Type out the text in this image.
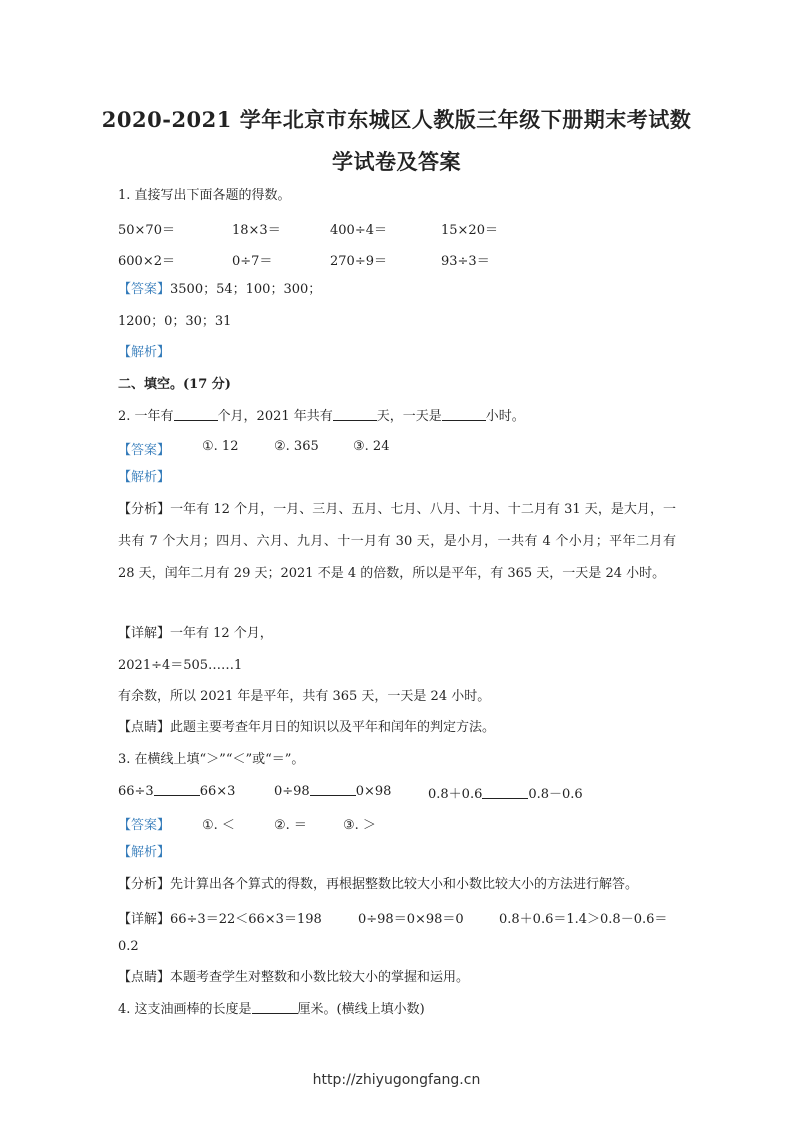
2020-2021 学年北京市东城区人教版三年级下册期末考试数
学试卷及答案
1. 直接写出下面各题的得数。
50×70＝	18×3＝	400÷4＝	15×20＝
600×2＝	0÷7＝	270÷9＝	93÷3＝
【答案】3500；54；100；300；
1200；0；30；31
【解析】
二、填空。(17 分)
2. 一年有	个月，2021 年共有	天，一天是	小时。
【答案】 ①. 12	②. 365	③. 24
【解析】
【分析】一年有 12 个月，一月、三月、五月、七月、八月、十月、十二月有 31 天，是大月，一共有 7 个大月；四月、六月、九月、十一月有 30 天，是小月，一共有 4 个小月；平年二月有 28 天，闰年二月有 29 天；2021 不是 4 的倍数，所以是平年，有 365 天，一天是 24 小时。
【详解】一年有 12 个月，
2021÷4＝505……1
有余数，所以 2021 年是平年，共有 365 天，一天是 24 小时。
【点睛】此题主要考查年月日的知识以及平年和闰年的判定方法。
3. 在横线上填“＞”“＜”或“＝”。
66÷3	66×3	0÷98	0×98	0.8＋0.6	0.8－0.6
【答案】 ①. ＜	②. ＝	③. ＞
【解析】
【分析】先计算出各个算式的得数，再根据整数比较大小和小数比较大小的方法进行解答。
【详解】66÷3＝22＜66×3＝198	0÷98＝0×98＝0	0.8＋0.6＝1.4＞0.8－0.6＝
0.2
【点睛】本题考查学生对整数和小数比较大小的掌握和运用。
4. 这支油画棒的长度是	厘米。(横线上填小数)
http://zhiyugongfang.cn
